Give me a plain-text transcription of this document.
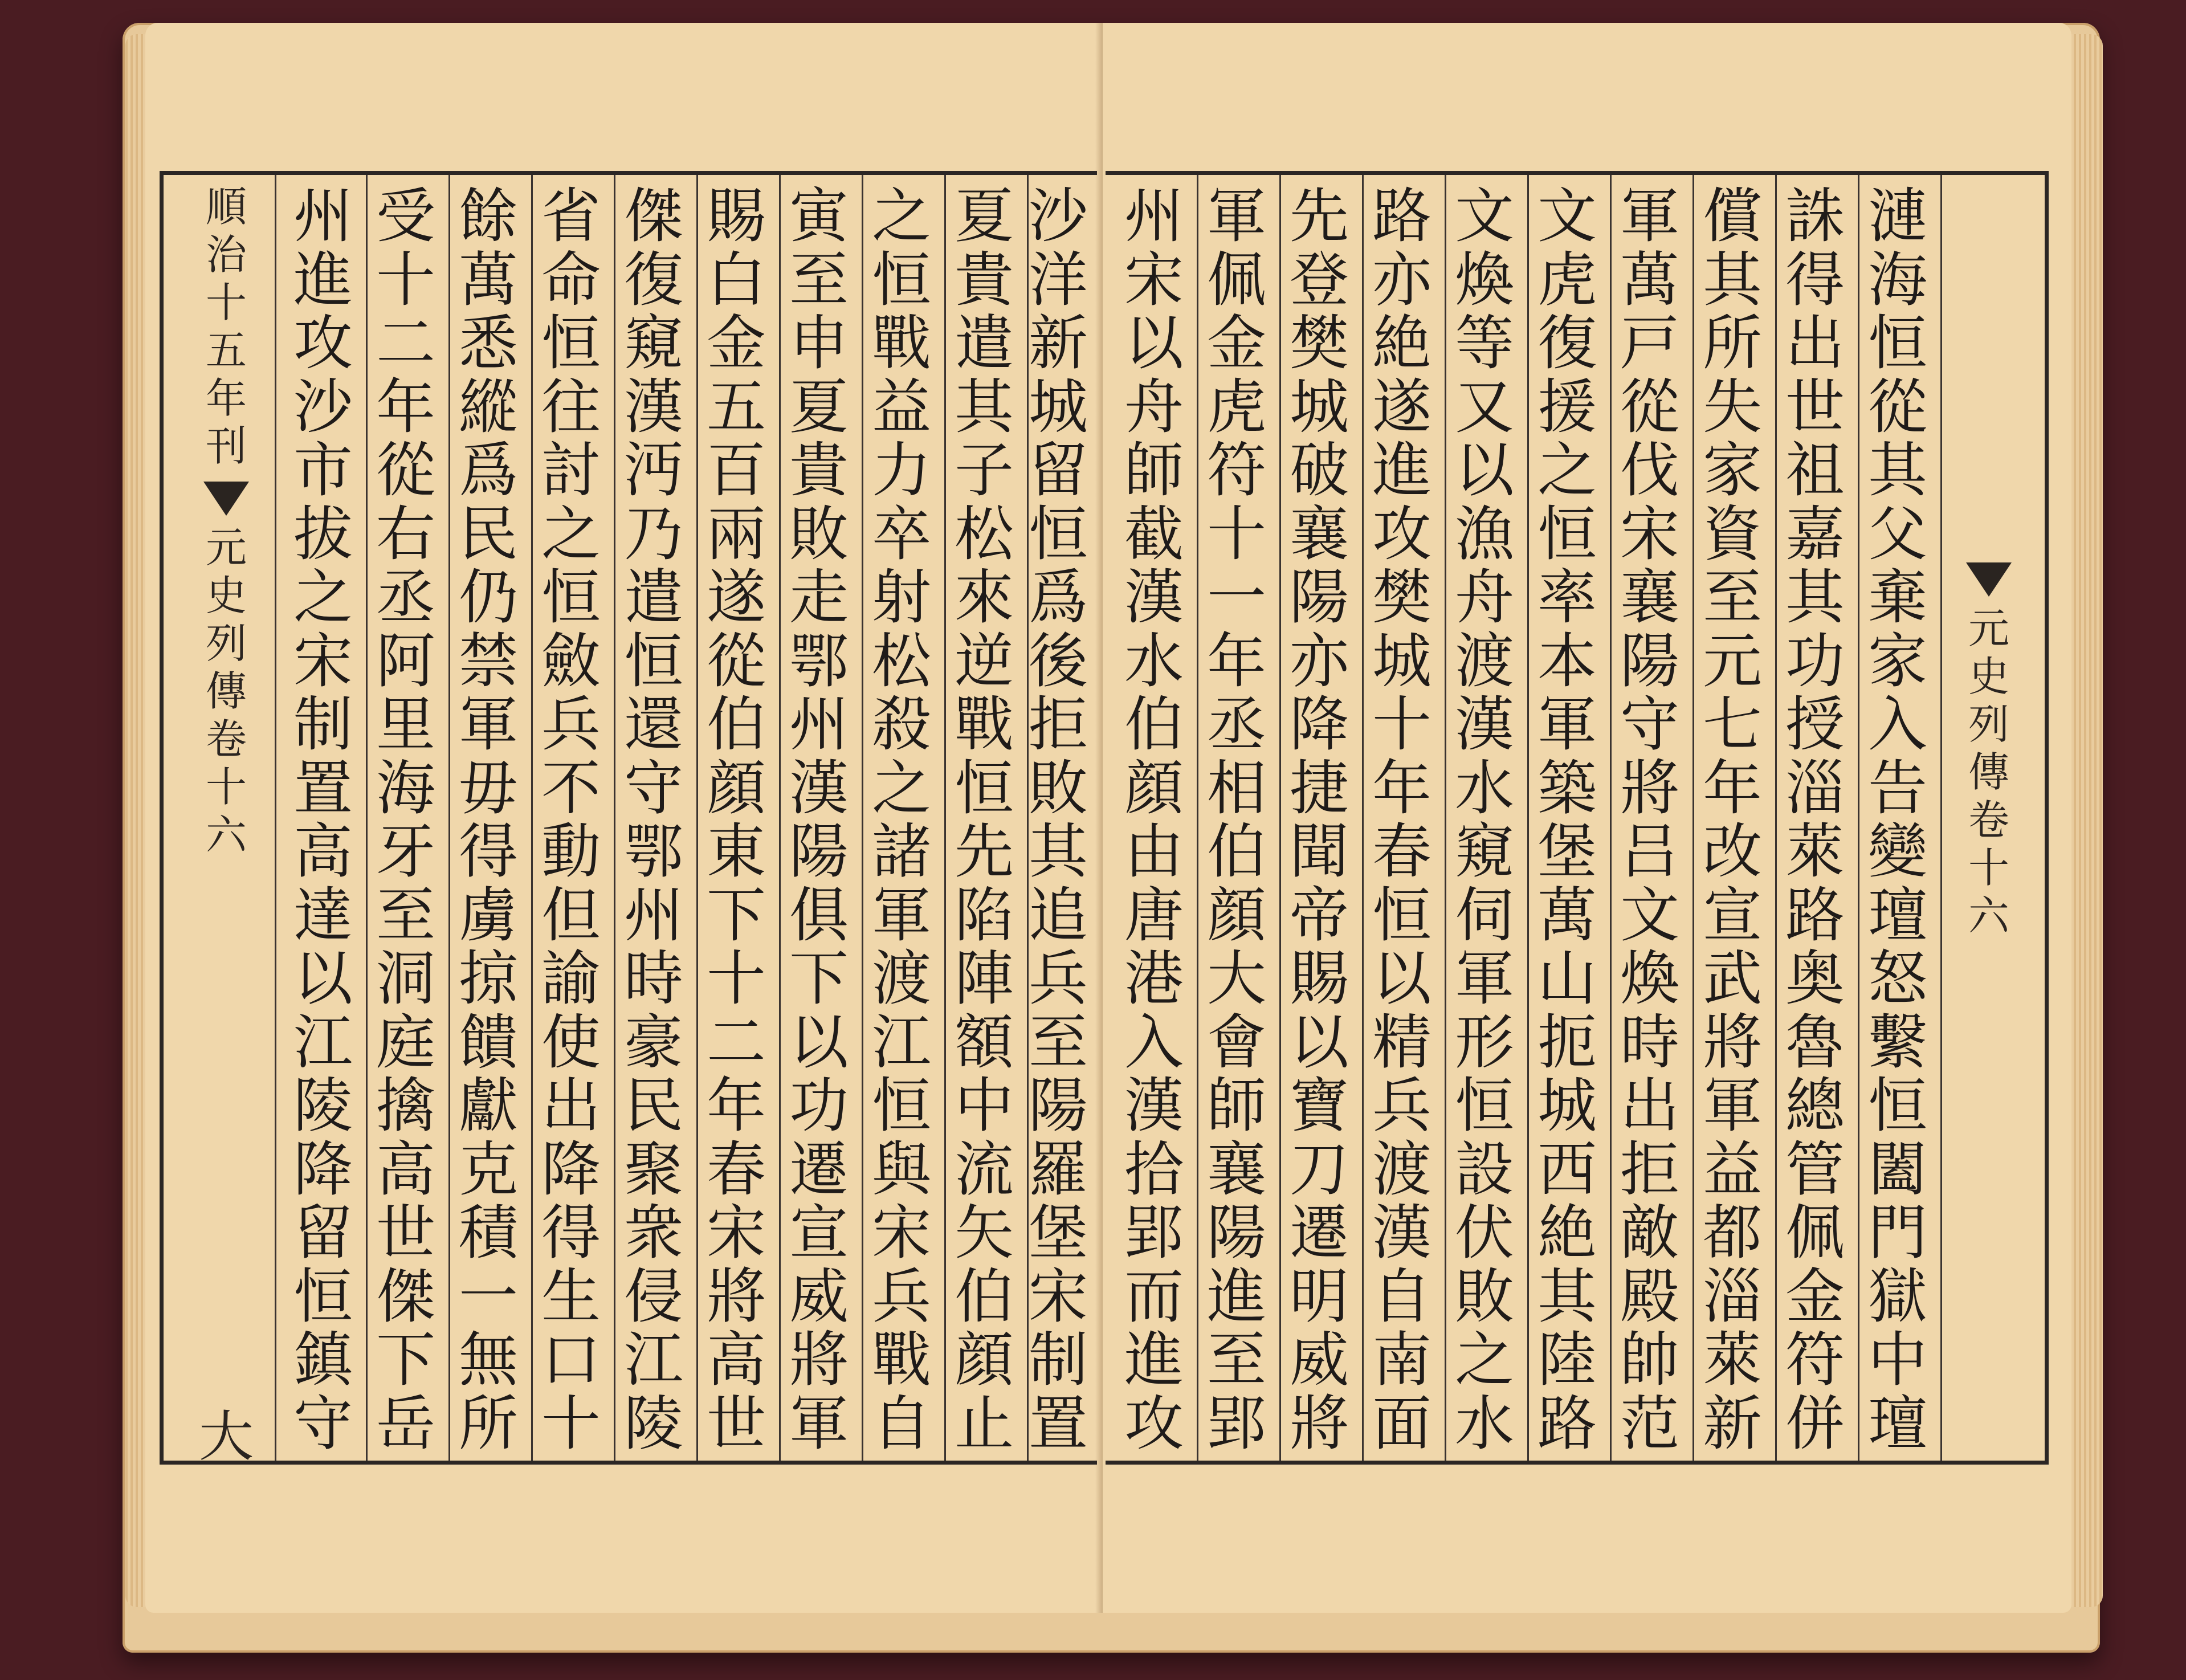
州
進
攻
沙
市
拔
之
宋
制
置
高
達
以
江
陵
降
留
恒
鎮
守
受
十
二
年
從
右
丞
阿
里
海
牙
至
洞
庭
擒
高
世
傑
下
岳
餘
萬
悉
縱
爲
民
仍
禁
軍
毋
得
虜
掠
饋
獻
克
積
一
無
所
省
命
恒
往
討
之
恒
斂
兵
不
動
但
諭
使
出
降
得
生
口
十
傑
復
窺
漢
沔
乃
遣
恒
還
守
鄂
州
時
豪
民
聚
衆
侵
江
陵
賜
白
金
五
百
兩
遂
從
伯
顔
東
下
十
二
年
春
宋
將
高
世
寅
至
申
夏
貴
敗
走
鄂
州
漢
陽
俱
下
以
功
遷
宣
威
將
軍
之
恒
戰
益
力
卒
射
松
殺
之
諸
軍
渡
江
恒
與
宋
兵
戰
自
夏
貴
遣
其
子
松
來
逆
戰
恒
先
陷
陣
額
中
流
矢
伯
顔
止
沙
洋
新
城
留
恒
爲
後
拒
敗
其
追
兵
至
陽
羅
堡
宋
制
置
順
治
十
五
年
刊
元
史
列
傳
卷
十
六
大
州
宋
以
舟
師
截
漢
水
伯
顔
由
唐
港
入
漢
拾
郢
而
進
攻
軍
佩
金
虎
符
十
一
年
丞
相
伯
顔
大
會
師
襄
陽
進
至
郢
先
登
樊
城
破
襄
陽
亦
降
捷
聞
帝
賜
以
寶
刀
遷
明
威
將
路
亦
絶
遂
進
攻
樊
城
十
年
春
恒
以
精
兵
渡
漢
自
南
面
文
煥
等
又
以
漁
舟
渡
漢
水
窺
伺
軍
形
恒
設
伏
敗
之
水
文
虎
復
援
之
恒
率
本
軍
築
堡
萬
山
扼
城
西
絶
其
陸
路
軍
萬
戸
從
伐
宋
襄
陽
守
將
吕
文
煥
時
出
拒
敵
殿
帥
范
償
其
所
失
家
資
至
元
七
年
改
宣
武
將
軍
益
都
淄
萊
新
誅
得
出
世
祖
嘉
其
功
授
淄
萊
路
奥
魯
總
管
佩
金
符
併
漣
海
恒
從
其
父
棄
家
入
告
變
璮
怒
繫
恒
闔
門
獄
中
璮
元
史
列
傳
卷
十
六
